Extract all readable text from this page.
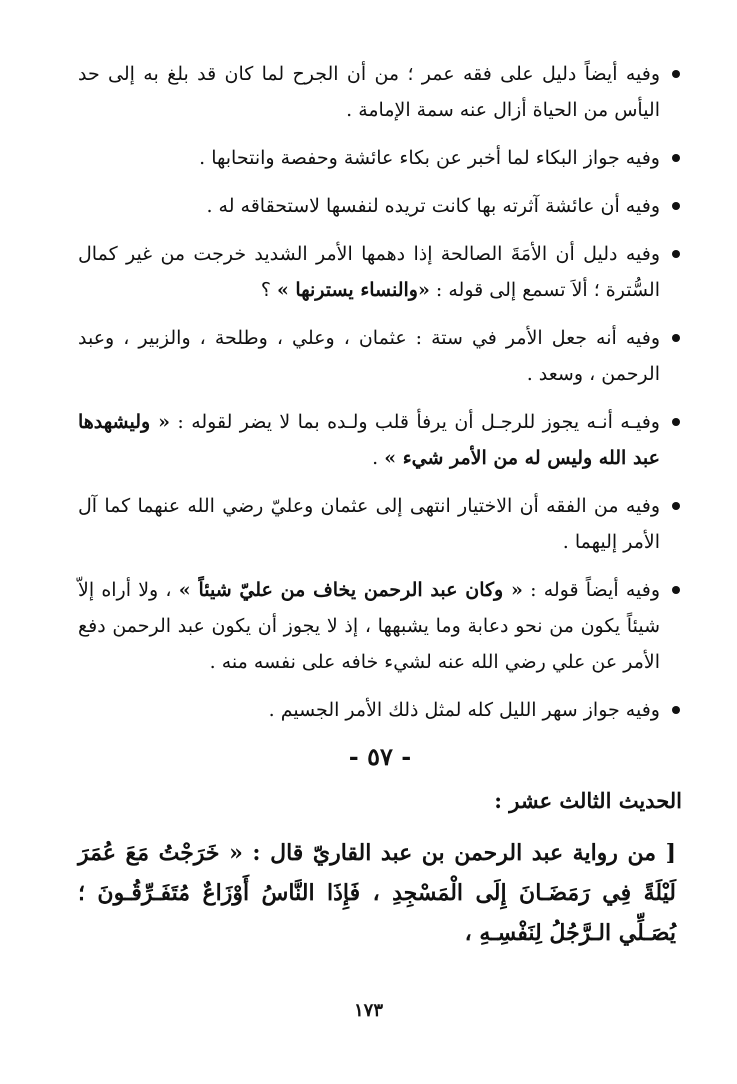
وفيه أيضاً دليل على فقه عمر ؛ من أن الجرح لما كان قد بلغ به إلى حد اليأس من الحياة أزال عنه سمة الإمامة .
وفيه جواز البكاء لما أخبر عن بكاء عائشة وحفصة وانتحابها .
وفيه أن عائشة آثرته بها كانت تريده لنفسها لاستحقاقه له .
وفيه دليل أن الأمَةَ الصالحة إذا دهمها الأمر الشديد خرجت من غير كمال السُّترة ؛ ألاَ تسمع إلى قوله : «والنساء يسترنها » ؟
وفيه أنه جعل الأمر في ستة : عثمان ، وعلي ، وطلحة ، والزبير ، وعبد الرحمن ، وسعد .
وفيـه أنـه يجوز للرجـل أن يرفأ قلب ولـده بما لا يضر لقوله : « وليشهدها عبد الله وليس له من الأمر شيء » .
وفيه من الفقه أن الاختيار انتهى إلى عثمان وعليّ رضي الله عنهما كما آل الأمر إليهما .
وفيه أيضاً قوله : « وكان عبد الرحمن يخاف من عليّ شيئاً » ، ولا أراه إلاّ شيئاً يكون من نحو دعابة وما يشبهها ، إذ لا يجوز أن يكون عبد الرحمن دفع الأمر عن علي رضي الله عنه لشيء خافه على نفسه منه .
وفيه جواز سهر الليل كله لمثل ذلك الأمر الجسيم .
- ٥٧ -
الحديث الثالث عشر :
[ من رواية عبد الرحمن بن عبد القاريّ قال : « خَرَجْتُ مَعَ عُمَرَ لَيْلَةً فِي رَمَضَـانَ إِلَى الْمَسْجِدِ ، فَإِذَا النَّاسُ أَوْزَاعٌ مُتَفَـرِّقُـونَ ؛ يُصَـلِّي الـرَّجُلُ لِنَفْسِـهِ ،
١٧٣
